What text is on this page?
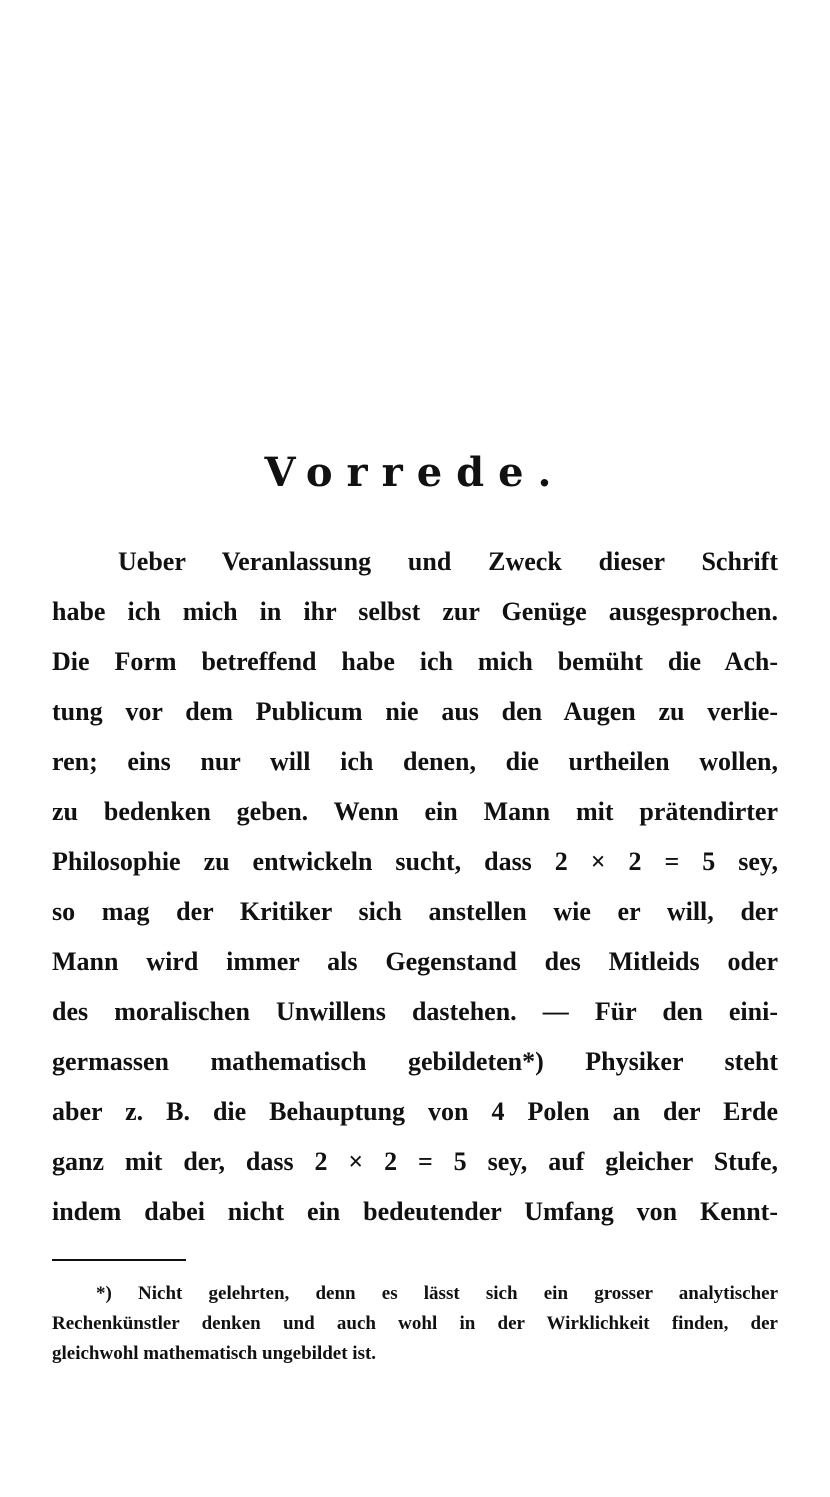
Vorrede.
Ueber Veranlassung und Zweck dieser Schrift
habe ich mich in ihr selbst zur Genüge ausgesprochen.
Die Form betreffend habe ich mich bemüht die Ach-
tung vor dem Publicum nie aus den Augen zu verlie-
ren; eins nur will ich denen, die urtheilen wollen,
zu bedenken geben. Wenn ein Mann mit prätendirter
Philosophie zu entwickeln sucht, dass 2 × 2 = 5 sey,
so mag der Kritiker sich anstellen wie er will, der
Mann wird immer als Gegenstand des Mitleids oder
des moralischen Unwillens dastehen. — Für den eini-
germassen mathematisch gebildeten*) Physiker steht
aber z. B. die Behauptung von 4 Polen an der Erde
ganz mit der, dass 2 × 2 = 5 sey, auf gleicher Stufe,
indem dabei nicht ein bedeutender Umfang von Kennt-
*) Nicht gelehrten, denn es lässt sich ein grosser analytischer
Rechenkünstler denken und auch wohl in der Wirklichkeit finden, der
gleichwohl mathematisch ungebildet ist.
